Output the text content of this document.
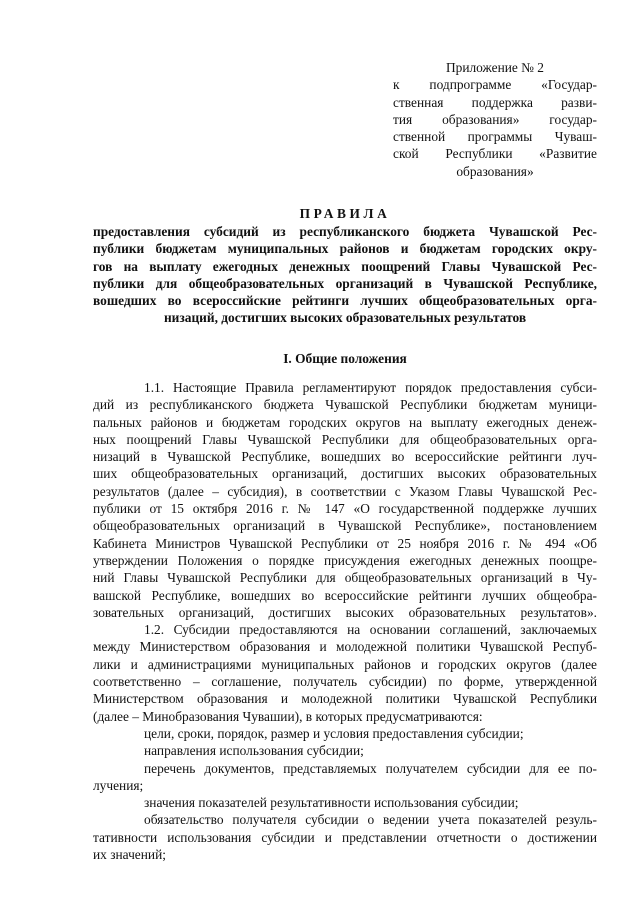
Приложение № 2
к подпрограмме «Государ-
ственная поддержка разви-
тия образования» государ-
ственной программы Чуваш-
ской Республики «Развитие
образования»
ПРАВИЛА
предоставления субсидий из республиканского бюджета Чувашской Рес-
публики бюджетам муниципальных районов и бюджетам городских окру-
гов на выплату ежегодных денежных поощрений Главы Чувашской Рес-
публики для общеобразовательных организаций в Чувашской Республике,
вошедших во всероссийские рейтинги лучших общеобразовательных орга-
низаций, достигших высоких образовательных результатов
I. Общие положения
1.1. Настоящие Правила регламентируют порядок предоставления субси-
дий из республиканского бюджета Чувашской Республики бюджетам муници-
пальных районов и бюджетам городских округов на выплату ежегодных денеж-
ных поощрений Главы Чувашской Республики для общеобразовательных орга-
низаций в Чувашской Республике, вошедших во всероссийские рейтинги луч-
ших общеобразовательных организаций, достигших высоких образовательных
результатов (далее – субсидия), в соответствии с Указом Главы Чувашской Рес-
публики от 15 октября 2016 г. № 147 «О государственной поддержке лучших
общеобразовательных организаций в Чувашской Республике», постановлением
Кабинета Министров Чувашской Республики от 25 ноября 2016 г. № 494 «Об
утверждении Положения о порядке присуждения ежегодных денежных поощре-
ний Главы Чувашской Республики для общеобразовательных организаций в Чу-
вашской Республике, вошедших во всероссийские рейтинги лучших общеобра-
зовательных организаций, достигших высоких образовательных результатов».
1.2. Субсидии предоставляются на основании соглашений, заключаемых
между Министерством образования и молодежной политики Чувашской Респуб-
лики и администрациями муниципальных районов и городских округов (далее
соответственно – соглашение, получатель субсидии) по форме, утвержденной
Министерством образования и молодежной политики Чувашской Республики
(далее – Минобразования Чувашии), в которых предусматриваются:
цели, сроки, порядок, размер и условия предоставления субсидии;
направления использования субсидии;
перечень документов, представляемых получателем субсидии для ее по-
лучения;
значения показателей результативности использования субсидии;
обязательство получателя субсидии о ведении учета показателей резуль-
тативности использования субсидии и представлении отчетности о достижении
их значений;
